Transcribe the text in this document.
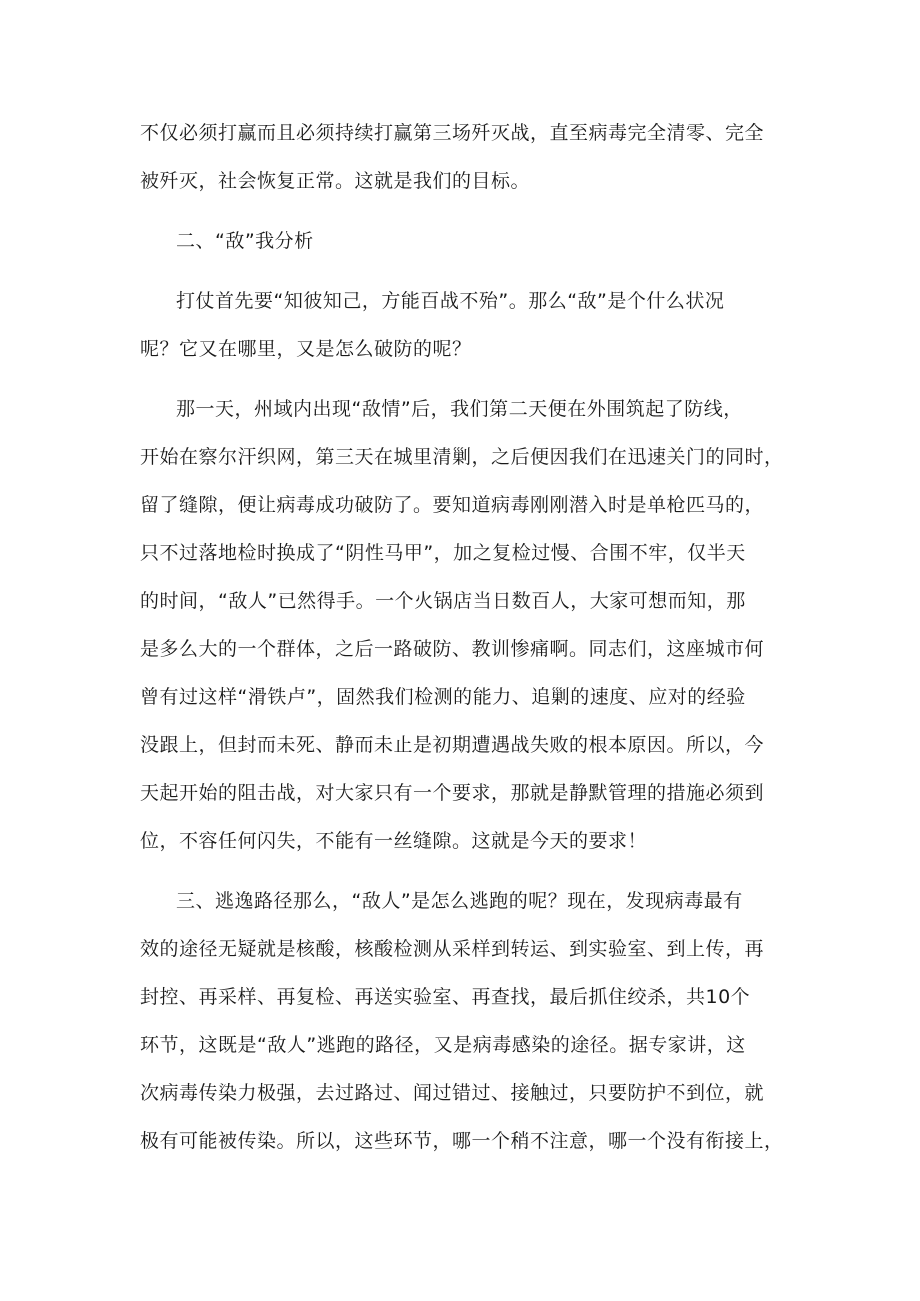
不仅必须打赢而且必须持续打赢第三场歼灭战，直至病毒完全清零、完全
被歼灭，社会恢复正常。这就是我们的目标。
二、“敌”我分析
打仗首先要“知彼知己，方能百战不殆”。那么“敌”是个什么状况
呢？它又在哪里，又是怎么破防的呢？
那一天，州域内出现“敌情”后，我们第二天便在外围筑起了防线，
开始在察尔汗织网，第三天在城里清剿，之后便因我们在迅速关门的同时，
留了缝隙，便让病毒成功破防了。要知道病毒刚刚潜入时是单枪匹马的，
只不过落地检时换成了“阴性马甲”，加之复检过慢、合围不牢，仅半天
的时间，“敌人”已然得手。一个火锅店当日数百人，大家可想而知，那
是多么大的一个群体，之后一路破防、教训惨痛啊。同志们，这座城市何
曾有过这样“滑铁卢”，固然我们检测的能力、追剿的速度、应对的经验
没跟上，但封而未死、静而未止是初期遭遇战失败的根本原因。所以，今
天起开始的阻击战，对大家只有一个要求，那就是静默管理的措施必须到
位，不容任何闪失，不能有一丝缝隙。这就是今天的要求！
三、逃逸路径那么，“敌人”是怎么逃跑的呢？现在，发现病毒最有
效的途径无疑就是核酸，核酸检测从采样到转运、到实验室、到上传，再
封控、再采样、再复检、再送实验室、再查找，最后抓住绞杀，共10个
环节，这既是“敌人”逃跑的路径，又是病毒感染的途径。据专家讲，这
次病毒传染力极强，去过路过、闻过错过、接触过，只要防护不到位，就
极有可能被传染。所以，这些环节，哪一个稍不注意，哪一个没有衔接上，
